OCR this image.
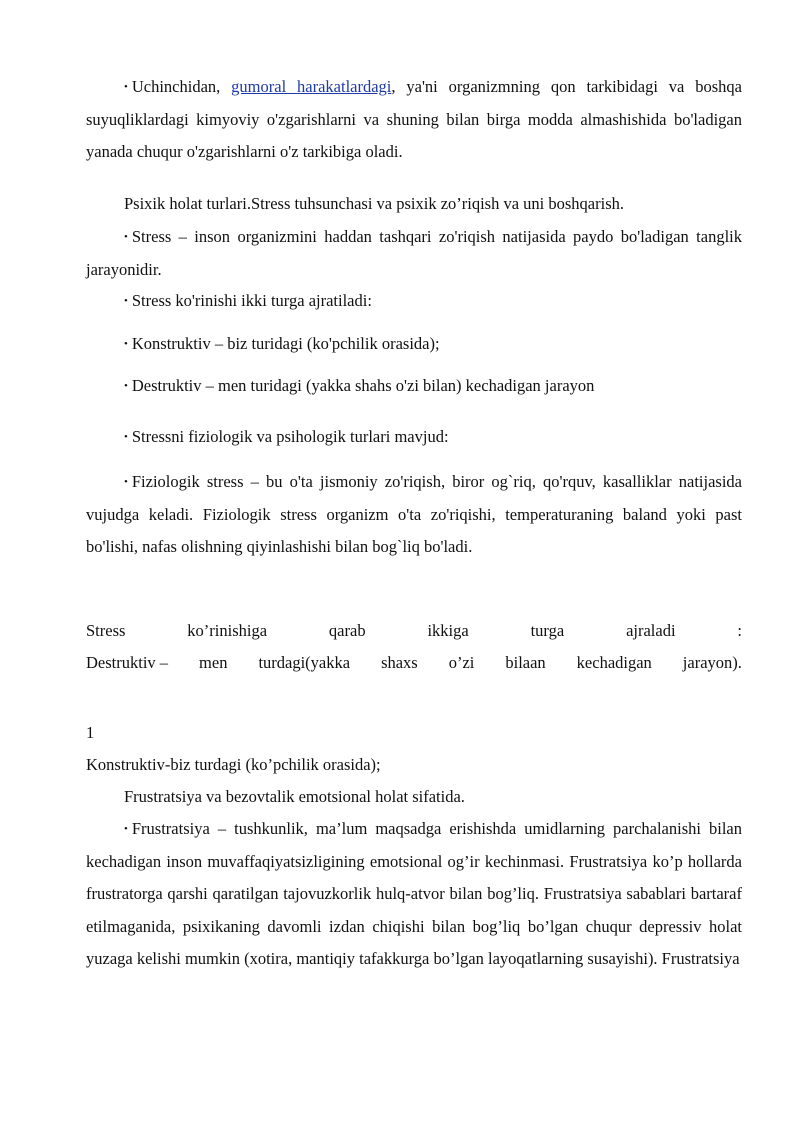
• Uchinchidan, gumoral harakatlardagi, ya'ni organizmning qon tarkibidagi va boshqa suyuqliklardagi kimyoviy o'zgarishlarni va shuning bilan birga modda almashishida bo'ladigan yanada chuqur o'zgarishlarni o'z tarkibiga oladi.

Psixik holat turlari.Stress tuhsunchasi va psixik zo’riqish va uni boshqarish.

• Stress – inson organizmini haddan tashqari zo'riqish natijasida paydo bo'ladigan tanglik jarayonidir.

• Stress ko'rinishi ikki turga ajratiladi:

• Konstruktiv – biz turidagi (ko'pchilik orasida);

• Destruktiv – men turidagi (yakka shahs o'zi bilan) kechadigan jarayon

• Stressni fiziologik va psihologik turlari mavjud:

• Fiziologik stress – bu o'ta jismoniy zo'riqish, biror og`riq, qo'rquv, kasalliklar natijasida vujudga keladi. Fiziologik stress organizm o'ta zo'riqishi, temperaturaning baland yoki past bo'lishi, nafas olishning qiyinlashishi bilan bog`liq bo'ladi.

Stress	ko’rinishiga	qarab	ikkiga	turga	ajraladi	:

Destruktiv – men turdagi(yakka shaxs o’zi bilaan kechadigan jarayon).

1

Konstruktiv-biz turdagi (ko’pchilik orasida);

Frustratsiya va bezovtalik emotsional holat sifatida.

• Frustratsiya – tushkunlik, ma’lum maqsadga erishishda umidlarning parchalanishi bilan kechadigan inson muvaffaqiyatsizligining emotsional og’ir kechinmasi. Frustratsiya ko’p hollarda frustratorga qarshi qaratilgan tajovuzkorlik hulq-atvor bilan bog’liq. Frustratsiya sabablari bartaraf etilmaganida, psixikaning davomli izdan chiqishi bilan bog’liq bo’lgan chuqur depressiv holat yuzaga kelishi mumkin (xotira, mantiqiy tafakkurga bo’lgan layoqatlarning susayishi). Frustratsiya
